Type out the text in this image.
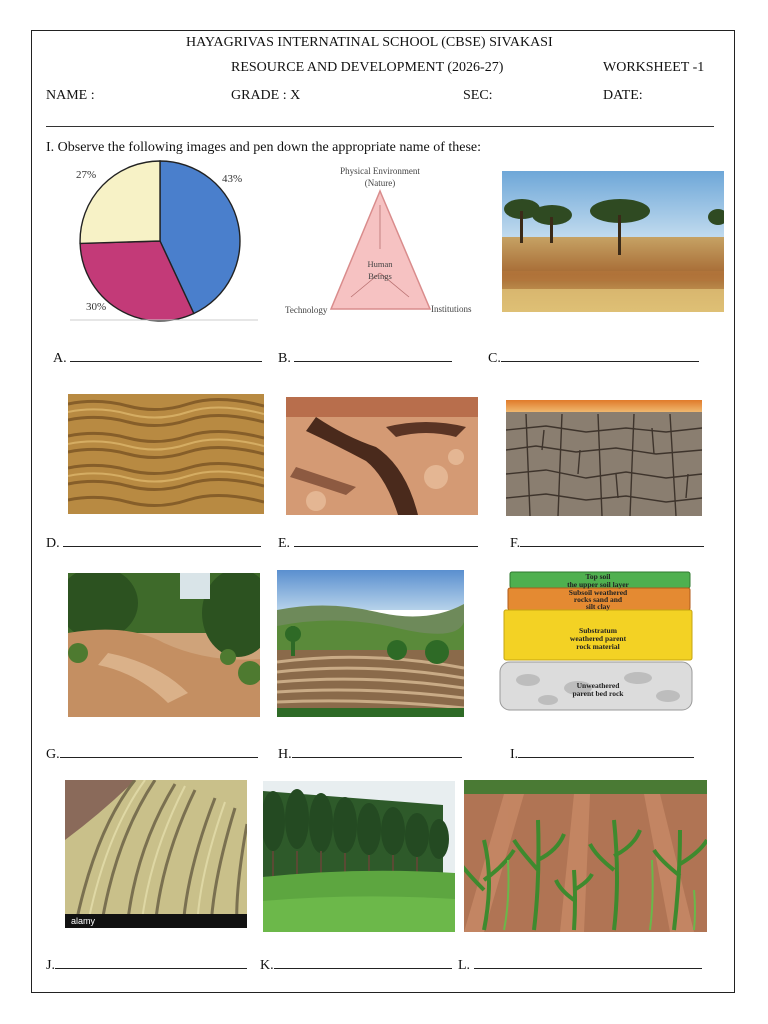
HAYAGRIVAS INTERNATINAL SCHOOL (CBSE) SIVAKASI
RESOURCE AND DEVELOPMENT (2026-27)	WORKSHEET -1
NAME :	GRADE : X	SEC:	DATE:
I. Observe the following images and pen down the appropriate name of these:
27%	43%
30%
Physical Environment
(Nature)
Human
Beings
Technology	Institutions
A.	B.	C.
D.	E.	F.
Top soil
the upper soil layer
Subsoil weathered
rocks sand and
silt clay
Substratum
weathered parent
rock material
Unweathered
parent bed rock
G.	H.	I.
alamy
J.	K.	L.
